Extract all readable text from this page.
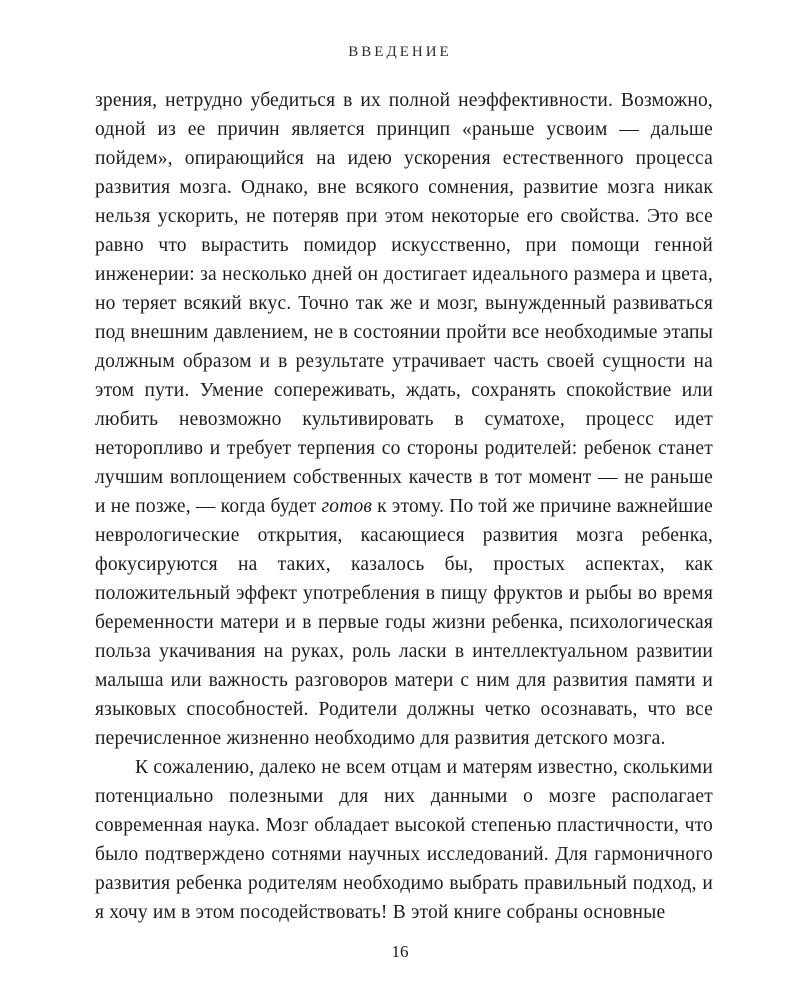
ВВЕДЕНИЕ

зрения, нетрудно убедиться в их полной неэффективности. Возможно, одной из ее причин является принцип «раньше усвоим — дальше пойдем», опирающийся на идею ускорения естественного процесса развития мозга. Однако, вне всякого сомнения, развитие мозга никак нельзя ускорить, не потеряв при этом некоторые его свойства. Это все равно что вырастить помидор искусственно, при помощи генной инженерии: за несколько дней он достигает идеального размера и цвета, но теряет всякий вкус. Точно так же и мозг, вынужденный развиваться под внешним давлением, не в состоянии пройти все необходимые этапы должным образом и в результате утрачивает часть своей сущности на этом пути. Умение сопереживать, ждать, сохранять спокойствие или любить невозможно культивировать в суматохе, процесс идет неторопливо и требует терпения со стороны родителей: ребенок станет лучшим воплощением собственных качеств в тот момент — не раньше и не позже, — когда будет готов к этому. По той же причине важнейшие неврологические открытия, касающиеся развития мозга ребенка, фокусируются на таких, казалось бы, простых аспектах, как положительный эффект употребления в пищу фруктов и рыбы во время беременности матери и в первые годы жизни ребенка, психологическая польза укачивания на руках, роль ласки в интеллектуальном развитии малыша или важность разговоров матери с ним для развития памяти и языковых способностей. Родители должны четко осознавать, что все перечисленное жизненно необходимо для развития детского мозга.

К сожалению, далеко не всем отцам и матерям известно, сколькими потенциально полезными для них данными о мозге располагает современная наука. Мозг обладает высокой степенью пластичности, что было подтверждено сотнями научных исследований. Для гармоничного развития ребенка родителям необходимо выбрать правильный подход, и я хочу им в этом посодействовать! В этой книге собраны основные

16
